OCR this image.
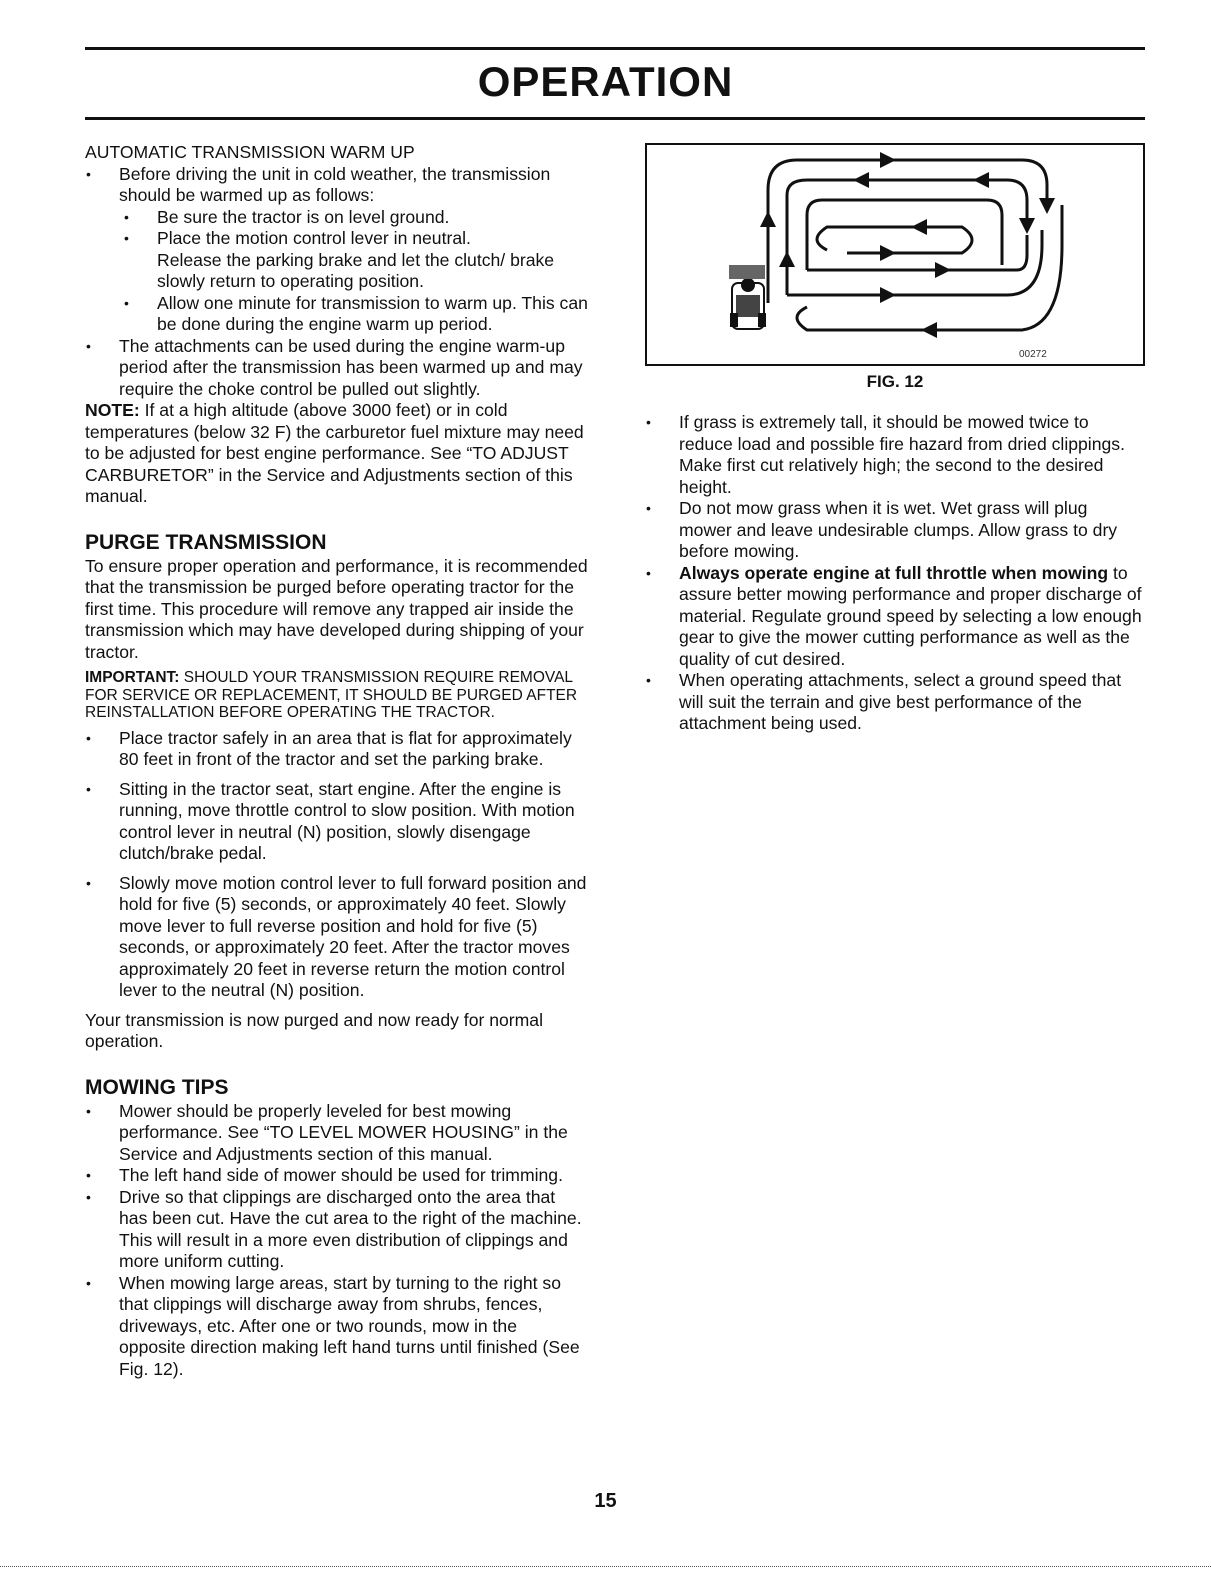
OPERATION

AUTOMATIC TRANSMISSION WARM UP

• Before driving the unit in cold weather, the transmission should be warmed up as follows:

• Be sure the tractor is on level ground.

• Place the motion control lever in neutral.

Release the parking brake and let the clutch/ brake slowly return to operating position.

• Allow one minute for transmission to warm up. This can be done during the engine warm up period.

• The attachments can be used during the engine warm-up period after the transmission has been warmed up and may require the choke control be pulled out slightly.

NOTE: If at a high altitude (above 3000 feet) or in cold temperatures (below 32 F) the carburetor fuel mixture may need to be adjusted for best engine performance. See “TO ADJUST CARBURETOR” in the Service and Adjustments section of this manual.

PURGE TRANSMISSION

To ensure proper operation and performance, it is recommended that the transmission be purged before operating tractor for the first time. This procedure will remove any trapped air inside the transmission which may have developed during shipping of your tractor.

IMPORTANT: SHOULD YOUR TRANSMISSION REQUIRE REMOVAL FOR SERVICE OR REPLACEMENT, IT SHOULD BE PURGED AFTER REINSTALLATION BEFORE OPERATING THE TRACTOR.

• Place tractor safely in an area that is flat for approximately 80 feet in front of the tractor and set the parking brake.

• Sitting in the tractor seat, start engine. After the engine is running, move throttle control to slow position. With motion control lever in neutral (N) position, slowly disengage clutch/brake pedal.

• Slowly move motion control lever to full forward position and hold for five (5) seconds, or approximately 40 feet. Slowly move lever to full reverse position and hold for five (5) seconds, or approximately 20 feet. After the tractor moves approximately 20 feet in reverse return the motion control lever to the neutral (N) position.

Your transmission is now purged and now ready for normal operation.

MOWING TIPS

• Mower should be properly leveled for best mowing performance. See “TO LEVEL MOWER HOUSING” in the Service and Adjustments section of this manual.

• The left hand side of mower should be used for trimming.

• Drive so that clippings are discharged onto the area that has been cut. Have the cut area to the right of the machine. This will result in a more even distribution of clippings and more uniform cutting.

• When mowing large areas, start by turning to the right so that clippings will discharge away from shrubs, fences, driveways, etc. After one or two rounds, mow in the opposite direction making left hand turns until finished (See Fig. 12).

00272
FIG. 12

• If grass is extremely tall, it should be mowed twice to reduce load and possible fire hazard from dried clippings. Make first cut relatively high; the second to the desired height.

• Do not mow grass when it is wet. Wet grass will plug mower and leave undesirable clumps. Allow grass to dry before mowing.

• Always operate engine at full throttle when mowing to assure better mowing performance and proper discharge of material. Regulate ground speed by selecting a low enough gear to give the mower cutting performance as well as the quality of cut desired.

• When operating attachments, select a ground speed that will suit the terrain and give best performance of the attachment being used.

15
